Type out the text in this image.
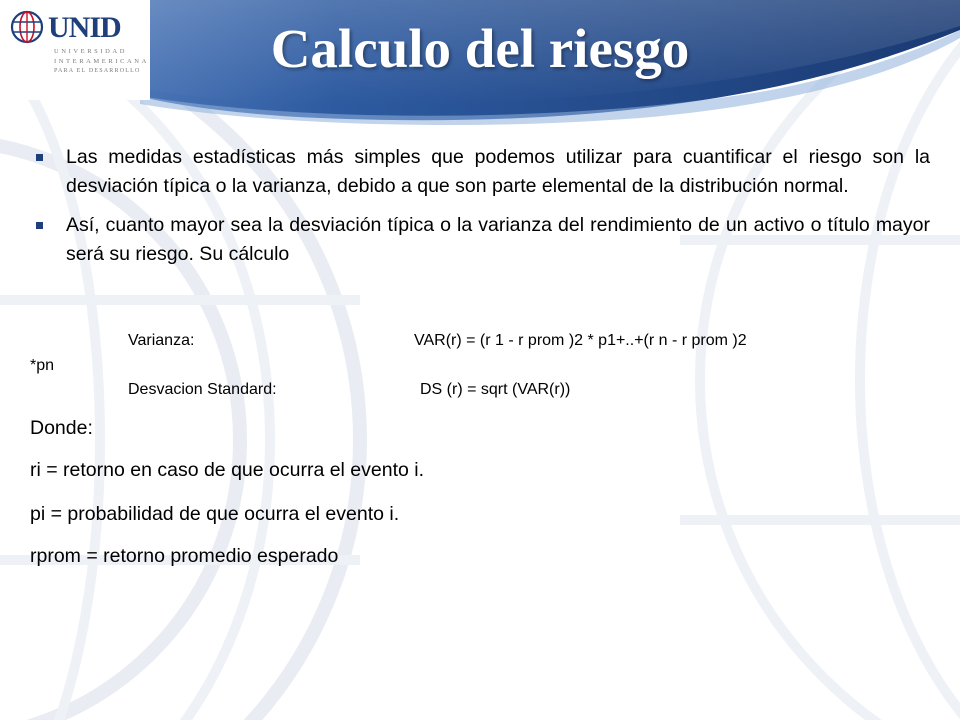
UNID
UNIVERSIDAD
INTERAMERICANA
PARA EL DESARROLLO	Calculo del riesgo
Las medidas estadísticas más simples que podemos utilizar para cuantificar el riesgo son la desviación típica o la varianza, debido a que son parte elemental de la distribución normal.
Así, cuanto mayor sea la desviación típica o la varianza del rendimiento de un activo o título mayor será su riesgo. Su cálculo
Varianza:	VAR(r) = (r 1 - r prom )2 * p1+..+(r n - r prom )2
*pn
Desvacion Standard:	DS (r) = sqrt (VAR(r))
Donde:
ri = retorno en caso de que ocurra el evento i.
pi = probabilidad de que ocurra el evento i.
rprom = retorno promedio esperado
